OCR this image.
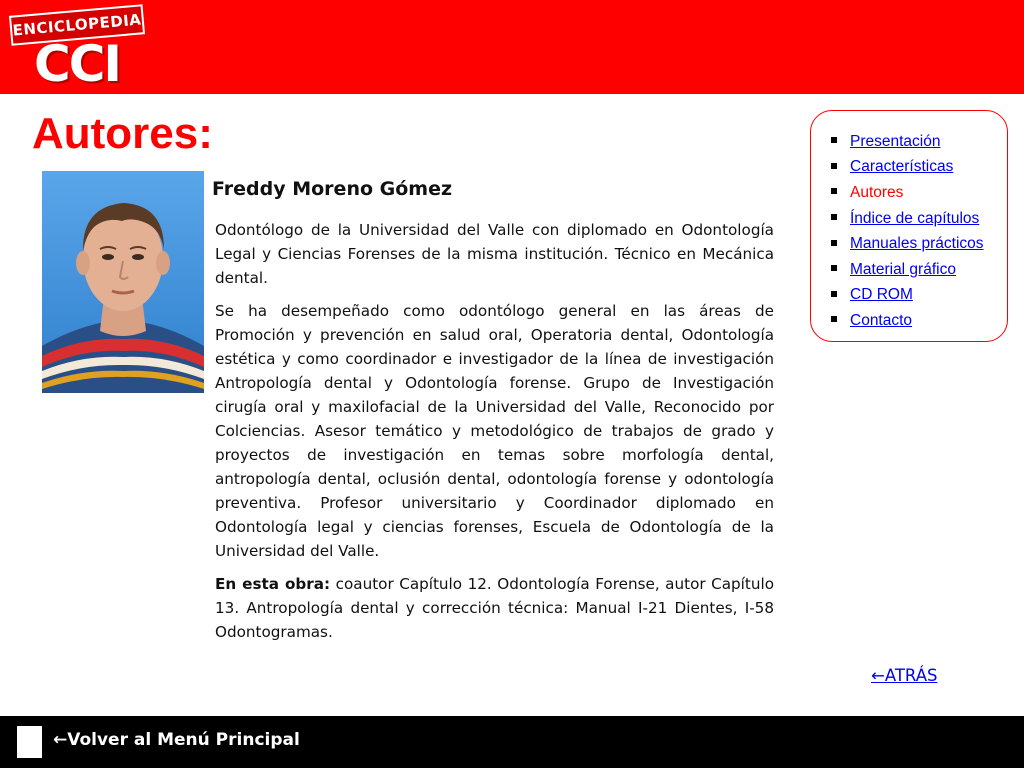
ENCICLOPEDIA
CCI
Autores:
Freddy Moreno Gómez

Odontólogo de la Universidad del Valle con diplomado en Odontología Legal y Ciencias Forenses de la misma institución. Técnico en Mecánica dental.

Se ha desempeñado como odontólogo general en las áreas de Promoción y prevención en salud oral, Operatoria dental, Odontología estética y como coordinador e investigador de la línea de investigación Antropología dental y Odontología forense. Grupo de Investigación cirugía oral y maxilofacial de la Universidad del Valle, Reconocido por Colciencias. Asesor temático y metodológico de trabajos de grado y proyectos de investigación en temas sobre morfología dental, antropología dental, oclusión dental, odontología forense y odontología preventiva. Profesor universitario y Coordinador diplomado en Odontología legal y ciencias forenses, Escuela de Odontología de la Universidad del Valle.

En esta obra: coautor Capítulo 12. Odontología Forense, autor Capítulo 13. Antropología dental y corrección técnica: Manual I-21 Dientes, I-58 Odontogramas.

Presentación
Características
Autores
Índice de capítulos
Manuales prácticos
Material gráfico
CD ROM
Contacto
←ATRÁS
←Volver al Menú Principal
